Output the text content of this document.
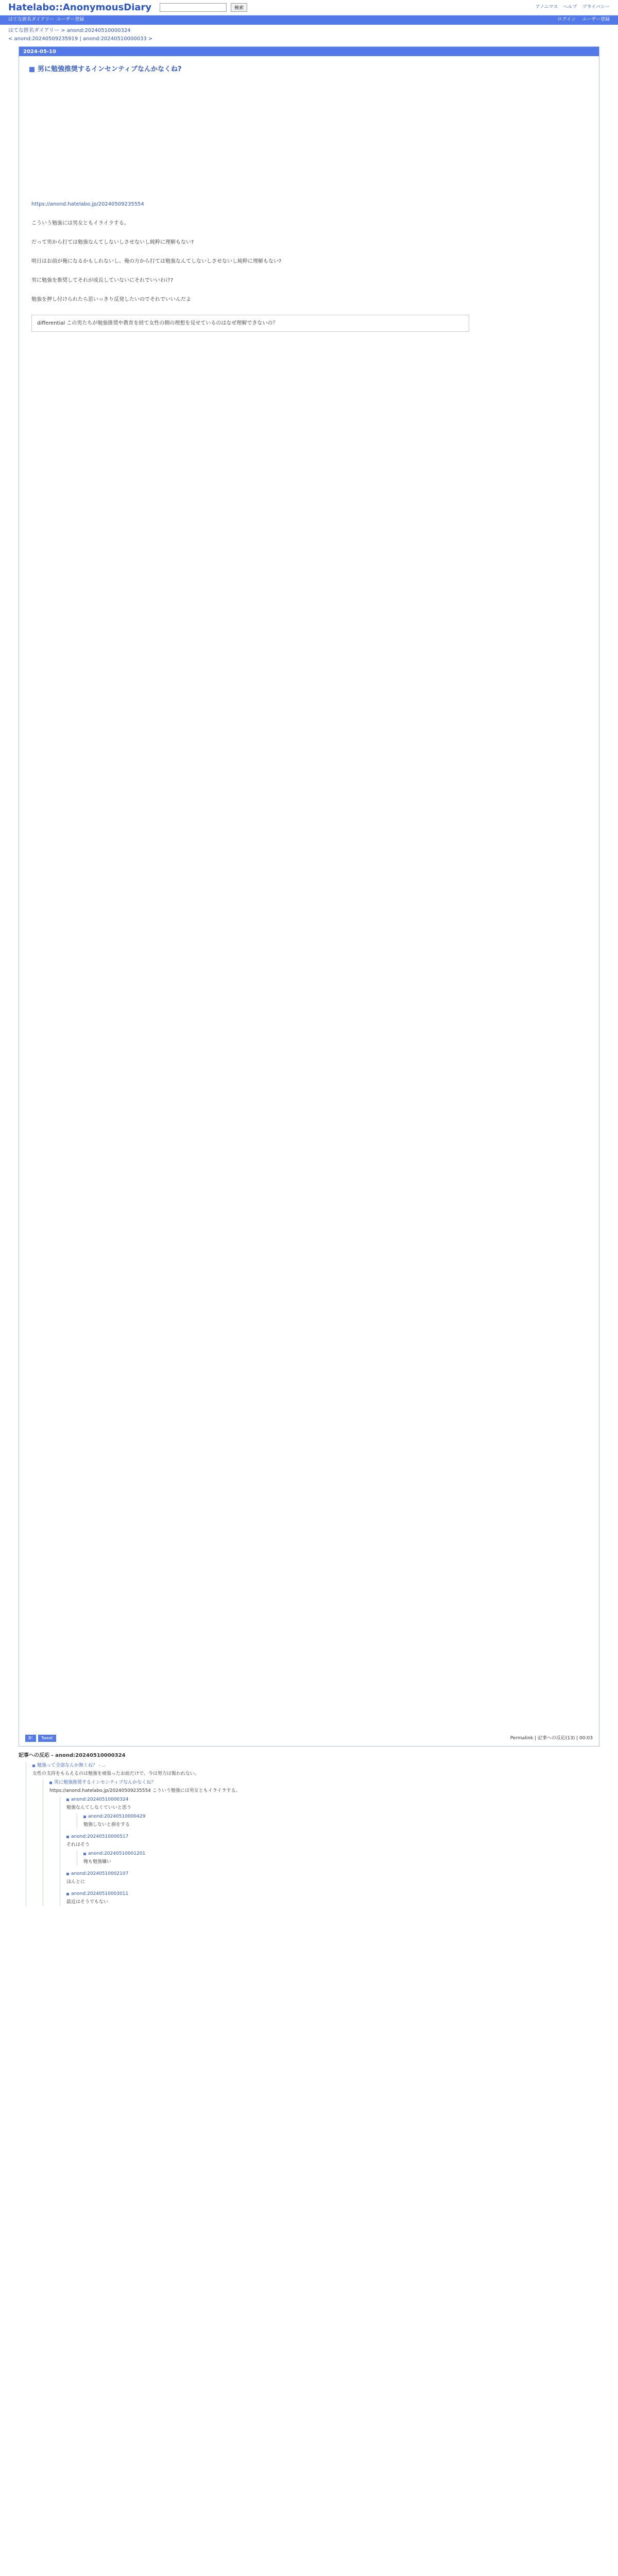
Hatelabo::AnonymousDiary	検索	アノニマス ヘルプ プライバシー
はてな匿名ダイアリー ユーザー登録	ログイン ユーザー登録
はてな匿名ダイアリー > anond:20240510000324
< anond:20240509235919 | anond:20240510000033 >
2024-05-10
男に勉強推奨するインセンティブなんかなくね?
https://anond.hatelabo.jp/20240509235554
こういう勉強には男女ともイライラする。
だって男から打ては勉強なんてしないしさせないし純粋に理解もない?
明日はお前が俺になるかもしれないし、俺の方から打ては勉強なんてしないしさせないし純粋に理解もない?
男に勉強を推奨してそれが成長していないにそれでいいわけ?
勉強を押し付けられたら思いっきり反発したいのでそれでいいんだよ
differential この男たちが勉強推奨や教育を経て女性の側の理想を見せているのはなぜ理解できないの？
B!	Tweet	Permalink | 記事への反応(13) | 00:03
記事への反応 - anond:20240510000324
勉強って全部なんか無くね？ - ..
女性の支持をもらえるのは勉強を頑張ったお前だけで、今は努力は報われない。
男に勉強推奨するインセンティブなんかなくね？
https://anond.hatelabo.jp/20240509235554 こういう勉強には男女ともイライラする。
anond:20240510000324
勉強なんてしなくていいと思う
anond:20240510000429
勉強しないと損をする
anond:20240510000517
それはそう
anond:20240510001201
俺も勉強嫌い
anond:20240510002107
ほんとに
anond:20240510003011
最近はそうでもない
